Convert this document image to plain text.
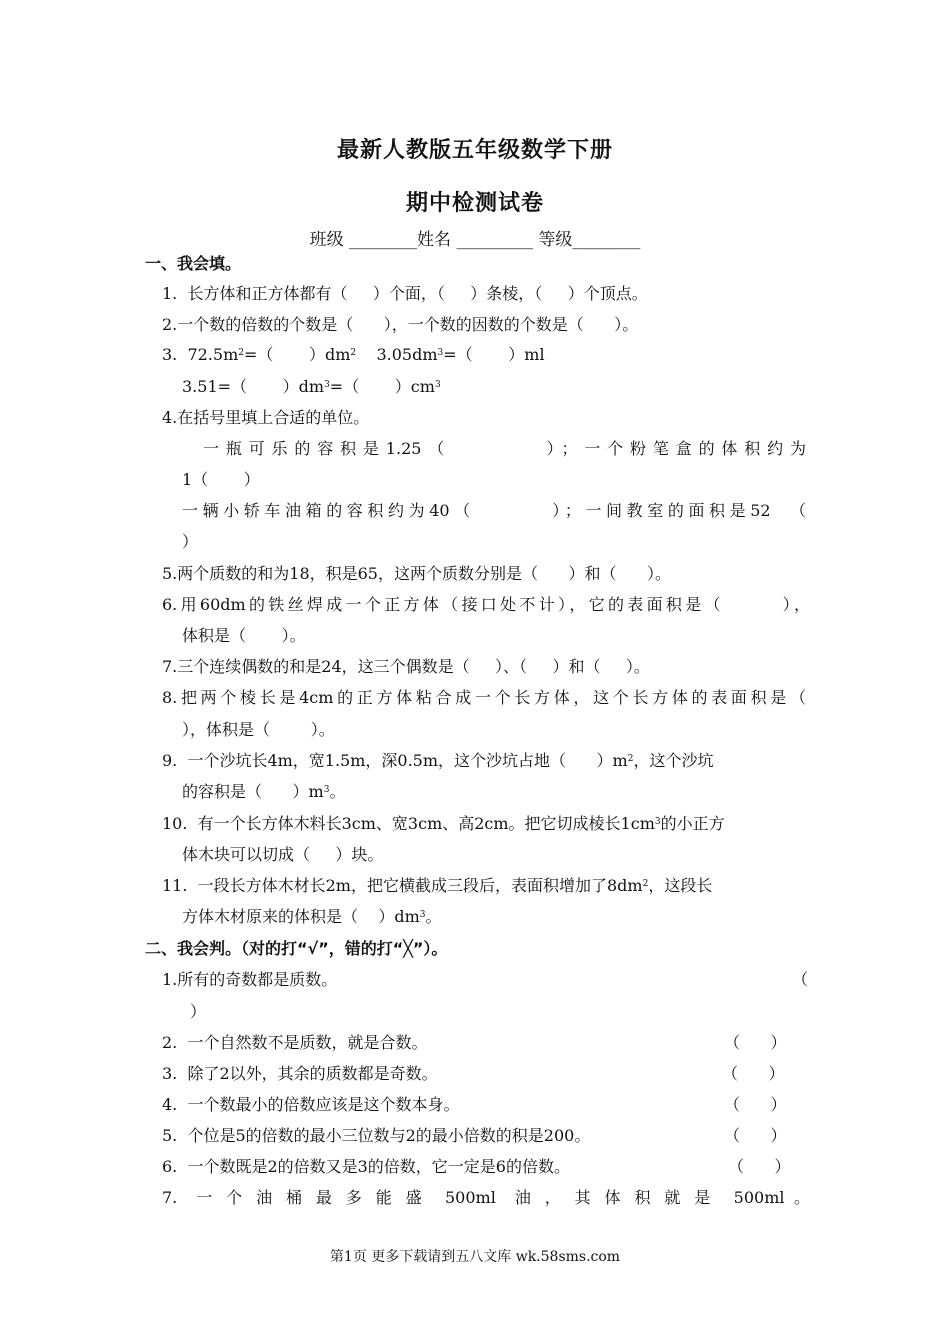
最新人教版五年级数学下册
期中检测试卷
班级 ________姓名 _________ 等级________
一、我会填。
1.  长方体和正方体都有（     ）个面，（     ）条棱，（     ）个顶点。
2.一个数的倍数的个数是（      ），一个数的因数的个数是（      ）。
3.  $72.5m^2=$（       ）$dm^2$    $3.05dm^3=$（       ）ml
3.51=（       ）$dm^3=$（       ）$cm^3$
4.在括号里填上合适的单位。
一瓶可乐的容积是1.25（        ）；一个粉笔盒的体积约为
1（       ）
一辆小轿车油箱的容积约为40（        ）；一间教室的面积是52  （
）
5.两个质数的和为18，积是65，这两个质数分别是（      ）和（      ）。
6.用60dm的铁丝焊成一个正方体（接口处不计），它的表面积是（       ），
体积是（       ）。
7.三个连续偶数的和是24，这三个偶数是（     ）、（     ）和（     ）。
8.把两个棱长是4cm的正方体粘合成一个长方体，这个长方体的表面积是（
），体积是（        ）。
9.  一个沙坑长4m，宽1.5m，深0.5m，这个沙坑占地（      ）$m^2$，这个沙坑
的容积是（      ）$m^3$。
10.  有一个长方体木料长3cm、宽3cm、高2cm。把它切成棱长$1cm^3$的小正方
体木块可以切成（     ）块。
11.  一段长方体木材长2m，把它横截成三段后，表面积增加了$8dm^2$，这段长
方体木材原来的体积是（    ）$dm^3$。
二、我会判。（对的打“√”，错的打“╳”）。
1.所有的奇数都是质数。	（
）
2.  一个自然数不是质数，就是合数。	（      ）
3.  除了2以外，其余的质数都是奇数。	（      ）
4.  一个数最小的倍数应该是这个数本身。	（      ）
5.  个位是5的倍数的最小三位数与2的最小倍数的积是200。	（      ）
6.  一个数既是2的倍数又是3的倍数，它一定是6的倍数。	（      ）
7.  一 个 油 桶 最 多 能 盛  500ml  油 ， 其 体 积 就 是  500ml 。
第1页 更多下载请到五八文库 wk.58sms.com
